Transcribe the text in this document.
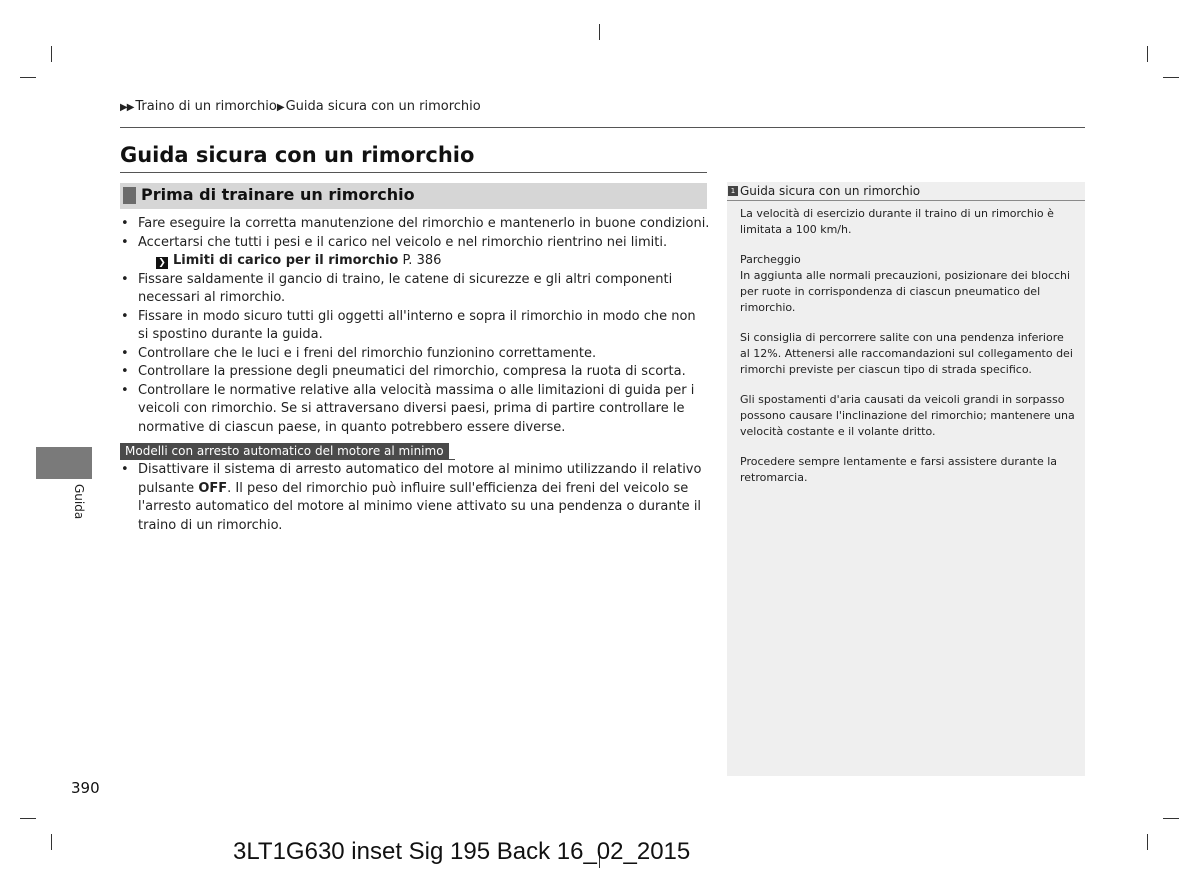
▶▶ Traino di un rimorchio▶ Guida sicura con un rimorchio
Guida sicura con un rimorchio
Prima di trainare un rimorchio
• Fare eseguire la corretta manutenzione del rimorchio e mantenerlo in buone condizioni.
• Accertarsi che tutti i pesi e il carico nel veicolo e nel rimorchio rientrino nei limiti.
❯ Limiti di carico per il rimorchio P. 386
• Fissare saldamente il gancio di traino, le catene di sicurezze e gli altri componenti necessari al rimorchio.
• Fissare in modo sicuro tutti gli oggetti all'interno e sopra il rimorchio in modo che non si spostino durante la guida.
• Controllare che le luci e i freni del rimorchio funzionino correttamente.
• Controllare la pressione degli pneumatici del rimorchio, compresa la ruota di scorta.
• Controllare le normative relative alla velocità massima o alle limitazioni di guida per i veicoli con rimorchio. Se si attraversano diversi paesi, prima di partire controllare le normative di ciascun paese, in quanto potrebbero essere diverse.
Modelli con arresto automatico del motore al minimo
• Disattivare il sistema di arresto automatico del motore al minimo utilizzando il relativo pulsante OFF. Il peso del rimorchio può influire sull'efficienza dei freni del veicolo se l'arresto automatico del motore al minimo viene attivato su una pendenza o durante il traino di un rimorchio.
Guida
1 Guida sicura con un rimorchio

La velocità di esercizio durante il traino di un rimorchio è limitata a 100 km/h.

Parcheggio
In aggiunta alle normali precauzioni, posizionare dei blocchi per ruote in corrispondenza di ciascun pneumatico del rimorchio.

Si consiglia di percorrere salite con una pendenza inferiore al 12%. Attenersi alle raccomandazioni sul collegamento dei rimorchi previste per ciascun tipo di strada specifico.

Gli spostamenti d'aria causati da veicoli grandi in sorpasso possono causare l'inclinazione del rimorchio; mantenere una velocità costante e il volante dritto.

Procedere sempre lentamente e farsi assistere durante la retromarcia.

390
3LT1G630 inset Sig 195 Back 16_02_2015
